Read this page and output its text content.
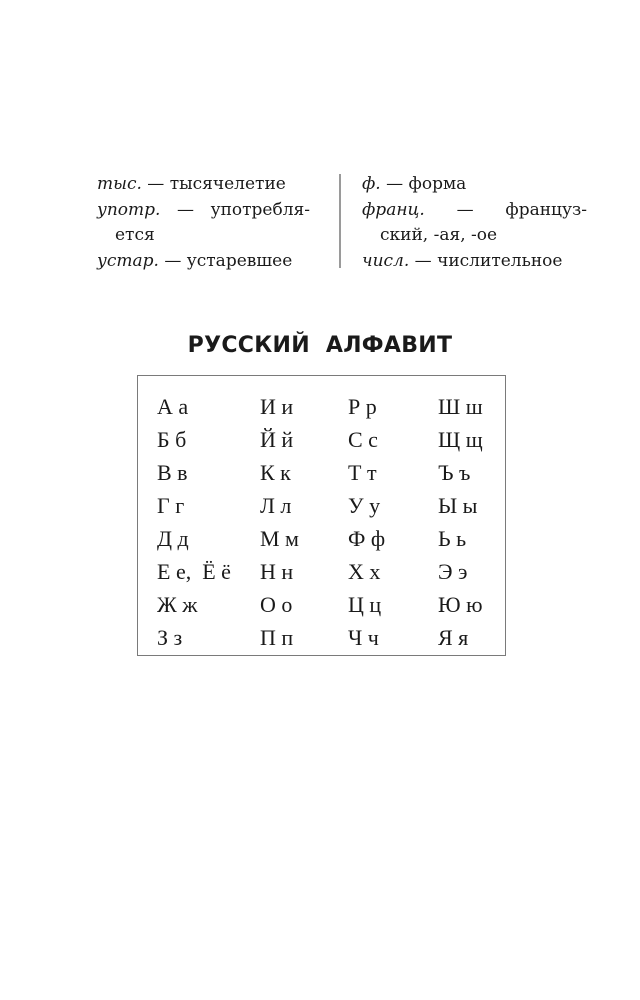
тыс. — тысячелетие
употр. — употребля-
ется
устар. — устаревшее
ф. — форма
франц. — француз-
ский, -ая, -ое
числ. — числительное
РУССКИЙ АЛФАВИТ
А а
Б б
В в
Г г
Д д
Е е,  Ё ё
Ж ж
З з
И и
Й й
К к
Л л
М м
Н н
О о
П п
Р р
С с
Т т
У у
Ф ф
Х х
Ц ц
Ч ч
Ш ш
Щ щ
Ъ ъ
Ы ы
Ь ь
Э э
Ю ю
Я я
